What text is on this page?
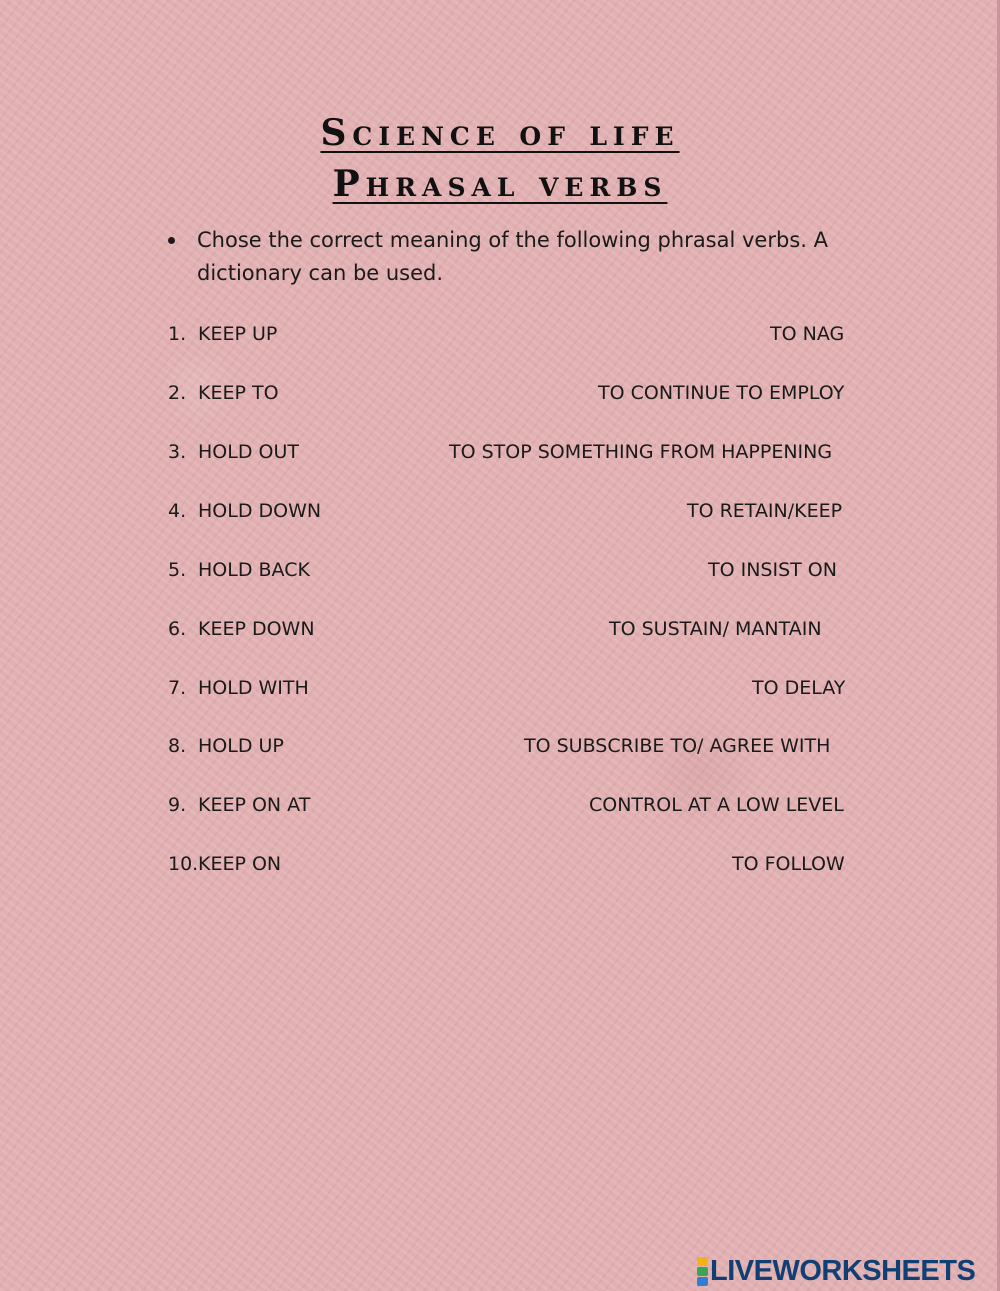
Science of life
Phrasal verbs
Chose the correct meaning of the following phrasal verbs. A dictionary can be used.
1. KEEP UP	TO NAG
2. KEEP TO	TO CONTINUE TO EMPLOY
3. HOLD OUT	TO STOP SOMETHING FROM HAPPENING
4. HOLD DOWN	TO RETAIN/KEEP
5. HOLD BACK	TO INSIST ON
6. KEEP DOWN	TO SUSTAIN/ MANTAIN
7. HOLD WITH	TO DELAY
8. HOLD UP	TO SUBSCRIBE TO/ AGREE WITH
9. KEEP ON AT	CONTROL AT A LOW LEVEL
10. KEEP ON	TO FOLLOW
LIVEWORKSHEETS
